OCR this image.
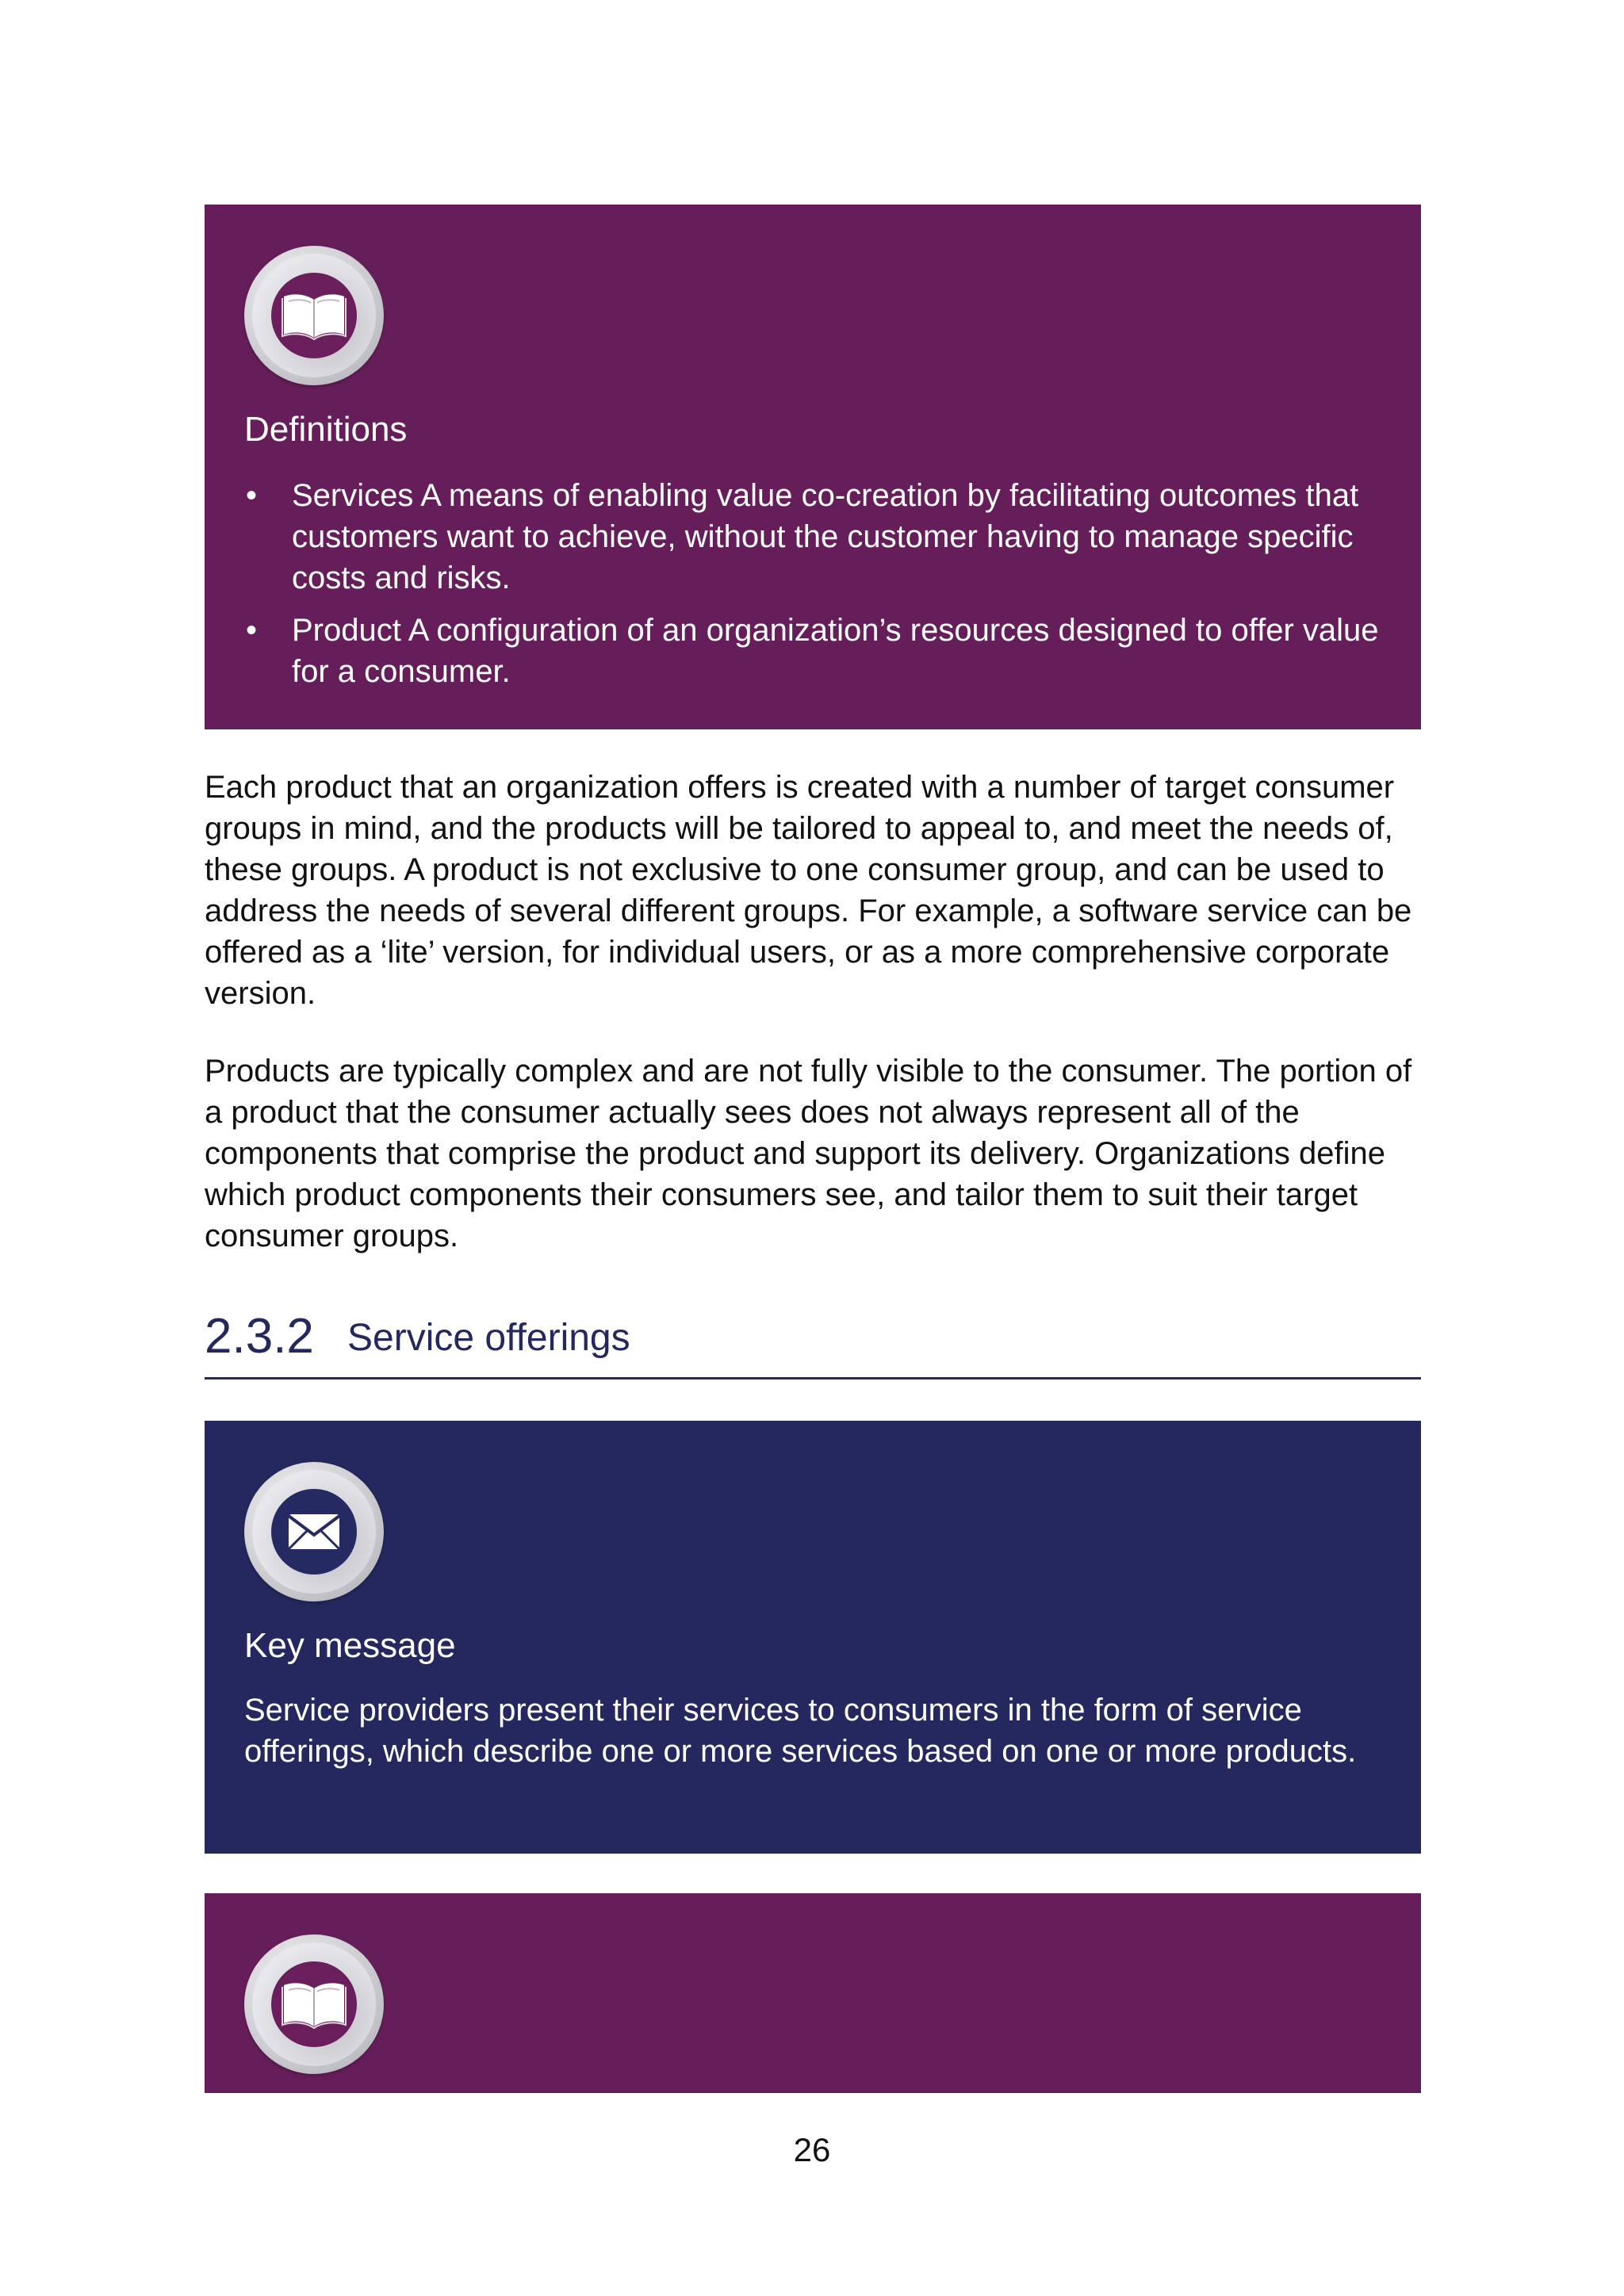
Definitions
• Services A means of enabling value co-creation by facilitating outcomes that customers want to achieve, without the customer having to manage specific costs and risks.
• Product A configuration of an organization’s resources designed to offer value for a consumer.

Each product that an organization offers is created with a number of target consumer groups in mind, and the products will be tailored to appeal to, and meet the needs of, these groups. A product is not exclusive to one consumer group, and can be used to address the needs of several different groups. For example, a software service can be offered as a ‘lite’ version, for individual users, or as a more comprehensive corporate version.

Products are typically complex and are not fully visible to the consumer. The portion of a product that the consumer actually sees does not always represent all of the components that comprise the product and support its delivery. Organizations define which product components their consumers see, and tailor them to suit their target consumer groups.

2.3.2 Service offerings
Key message
Service providers present their services to consumers in the form of service offerings, which describe one or more services based on one or more products.
26
